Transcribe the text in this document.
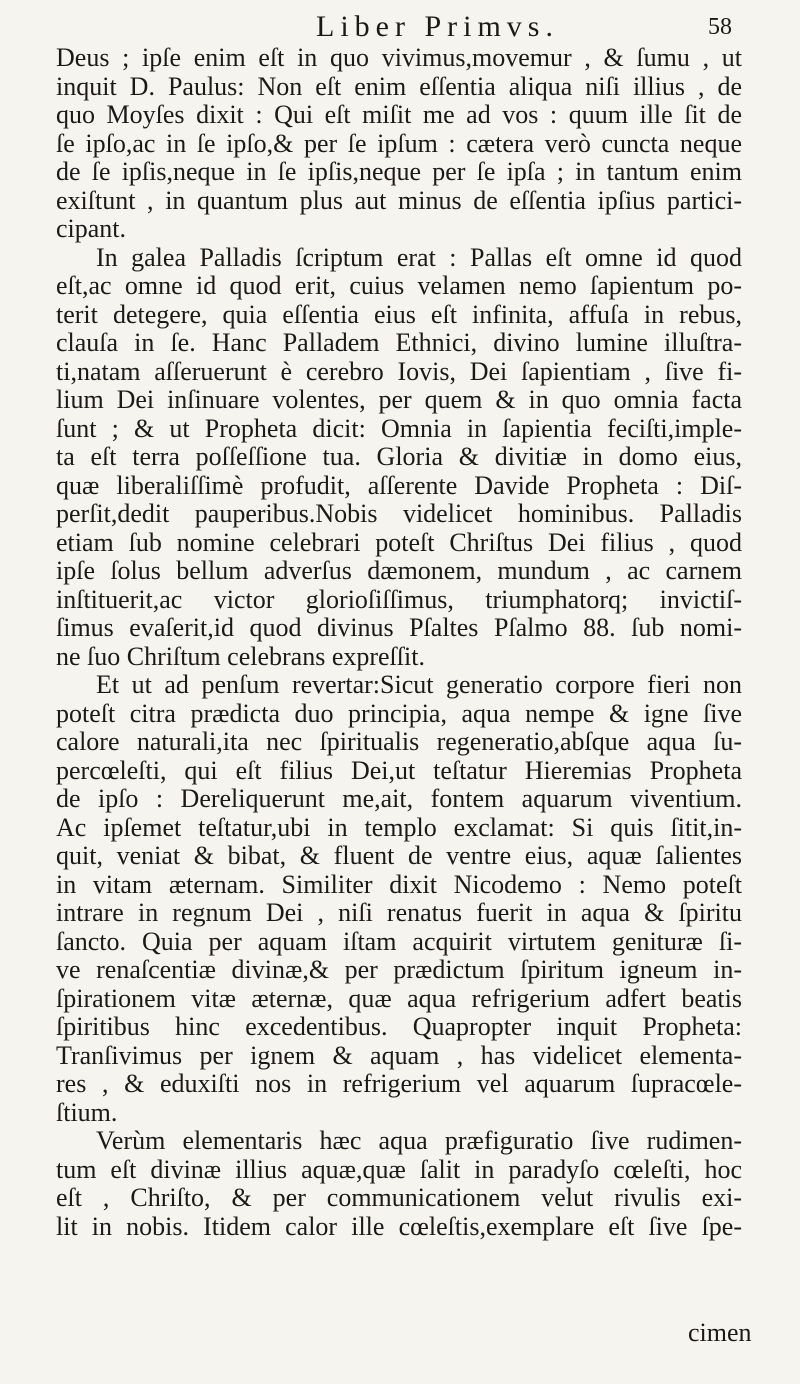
Liber Primvs.	58
Deus ; ipſe enim eſt in quo vivimus,movemur , & ſumu , ut
inquit D. Paulus: Non eſt enim eſſentia aliqua niſi illius , de
quo Moyſes dixit : Qui eſt miſit me ad vos : quum ille ſit de
ſe ipſo,ac in ſe ipſo,& per ſe ipſum : cætera verò cuncta neque
de ſe ipſis,neque in ſe ipſis,neque per ſe ipſa ; in tantum enim
exiſtunt , in quantum plus aut minus de eſſentia ipſius partici-
cipant.
In galea Palladis ſcriptum erat : Pallas eſt omne id quod
eſt,ac omne id quod erit, cuius velamen nemo ſapientum po-
terit detegere, quia eſſentia eius eſt infinita, affuſa in rebus,
clauſa in ſe. Hanc Palladem Ethnici, divino lumine illuſtra-
ti,natam aſſeruerunt è cerebro Iovis, Dei ſapientiam , ſive fi-
lium Dei inſinuare volentes, per quem & in quo omnia facta
ſunt ; & ut Propheta dicit: Omnia in ſapientia feciſti,imple-
ta eſt terra poſſeſſione tua. Gloria & divitiæ in domo eius,
quæ liberaliſſimè profudit, aſſerente Davide Propheta : Diſ-
perſit,dedit pauperibus.Nobis videlicet hominibus. Palladis
etiam ſub nomine celebrari poteſt Chriſtus Dei filius , quod
ipſe ſolus bellum adverſus dæmonem, mundum , ac carnem
inſtituerit,ac victor glorioſiſſimus, triumphatorq; invictiſ-
ſimus evaſerit,id quod divinus Pſaltes Pſalmo 88. ſub nomi-
ne ſuo Chriſtum celebrans expreſſit.
Et ut ad penſum revertar:Sicut generatio corpore fieri non
poteſt citra prædicta duo principia, aqua nempe & igne ſive
calore naturali,ita nec ſpiritualis regeneratio,abſque aqua ſu-
percœleſti, qui eſt filius Dei,ut teſtatur Hieremias Propheta
de ipſo : Dereliquerunt me,ait, fontem aquarum viventium.
Ac ipſemet teſtatur,ubi in templo exclamat: Si quis ſitit,in-
quit, veniat & bibat, & fluent de ventre eius, aquæ ſalientes
in vitam æternam. Similiter dixit Nicodemo : Nemo poteſt
intrare in regnum Dei , niſi renatus fuerit in aqua & ſpiritu
ſancto. Quia per aquam iſtam acquirit virtutem genituræ ſi-
ve renaſcentiæ divinæ,& per prædictum ſpiritum igneum in-
ſpirationem vitæ æternæ, quæ aqua refrigerium adfert beatis
ſpiritibus hinc excedentibus. Quapropter inquit Propheta:
Tranſivimus per ignem & aquam , has videlicet elementa-
res , & eduxiſti nos in refrigerium vel aquarum ſupracœle-
ſtium.
Verùm elementaris hæc aqua præfiguratio ſive rudimen-
tum eſt divinæ illius aquæ,quæ ſalit in paradyſo cœleſti, hoc
eſt , Chriſto, & per communicationem velut rivulis exi-
lit in nobis. Itidem calor ille cœleſtis,exemplare eſt ſive ſpe-
cimen
